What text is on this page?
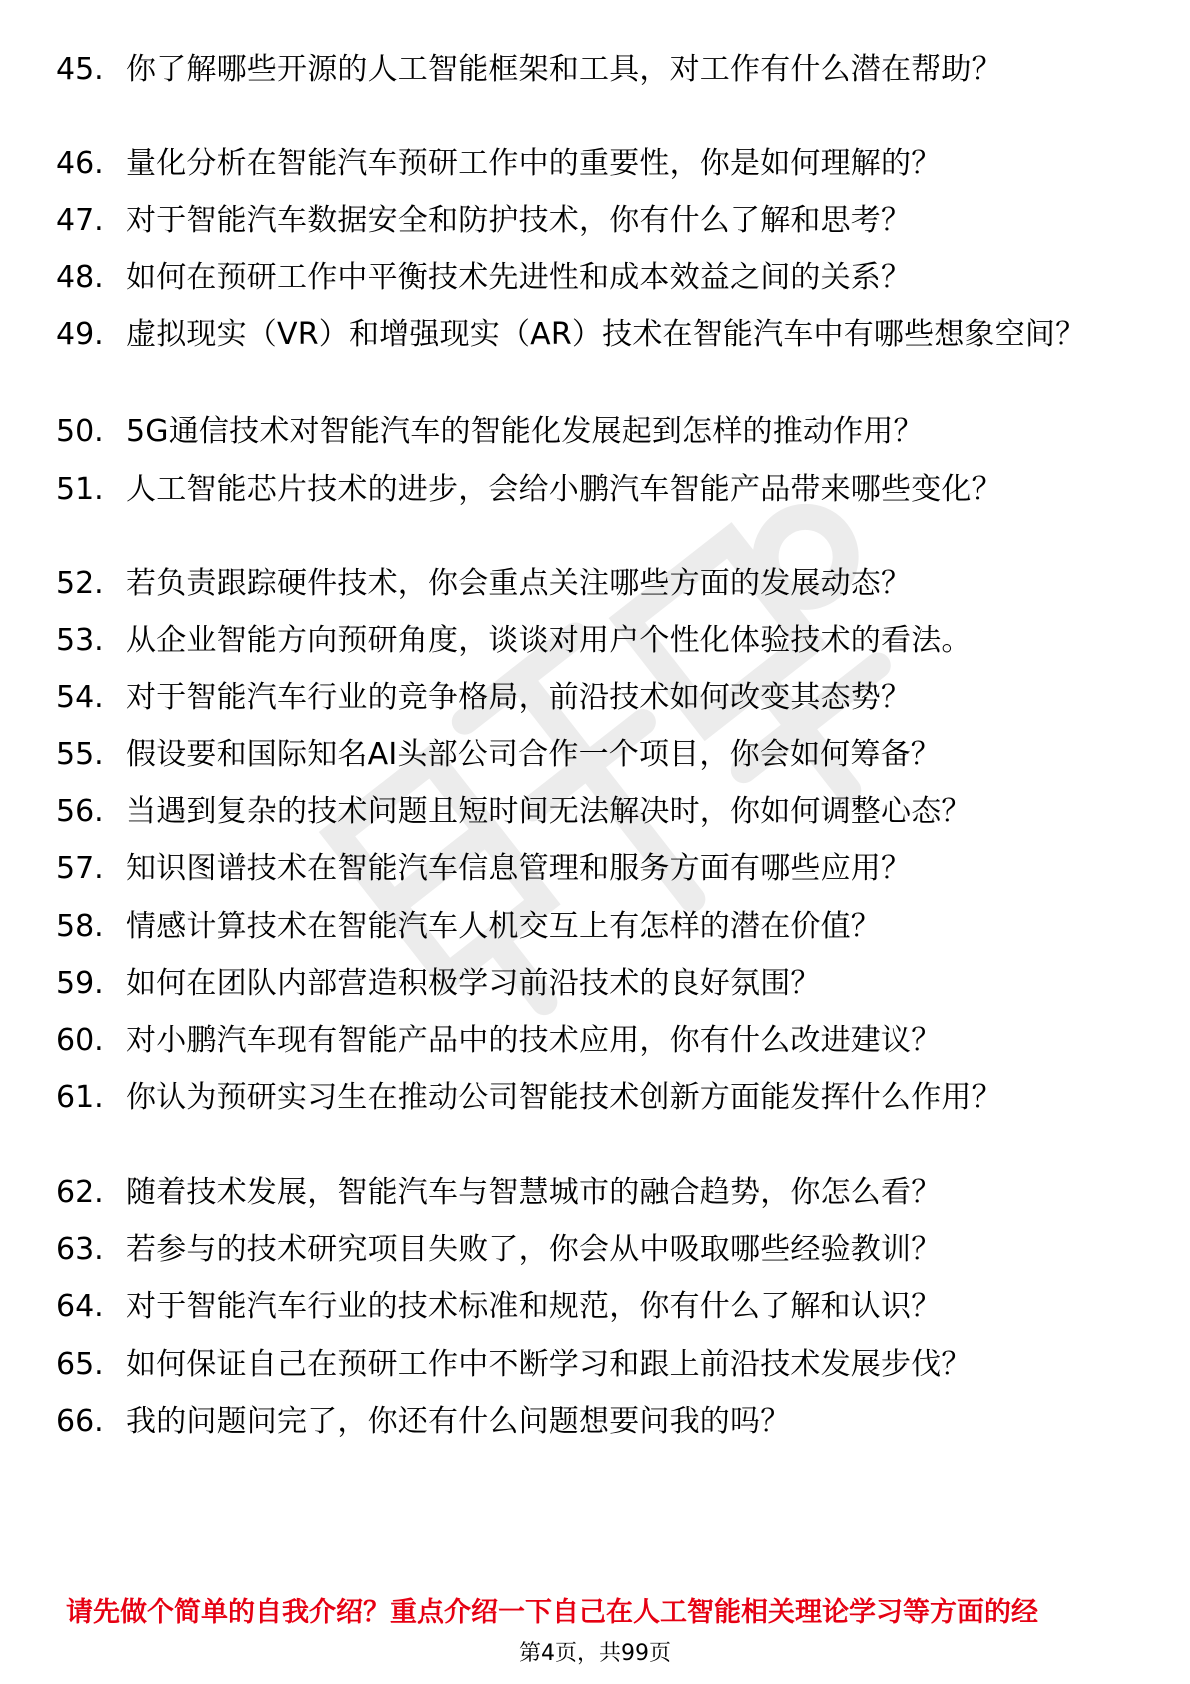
45. 你了解哪些开源的人工智能框架和工具，对工作有什么潜在帮助？
46. 量化分析在智能汽车预研工作中的重要性，你是如何理解的？
47. 对于智能汽车数据安全和防护技术，你有什么了解和思考？
48. 如何在预研工作中平衡技术先进性和成本效益之间的关系？
49. 虚拟现实（VR）和增强现实（AR）技术在智能汽车中有哪些想象空间？
50. 5G通信技术对智能汽车的智能化发展起到怎样的推动作用？
51. 人工智能芯片技术的进步，会给小鹏汽车智能产品带来哪些变化？
52. 若负责跟踪硬件技术，你会重点关注哪些方面的发展动态？
53. 从企业智能方向预研角度，谈谈对用户个性化体验技术的看法。
54. 对于智能汽车行业的竞争格局，前沿技术如何改变其态势？
55. 假设要和国际知名AI头部公司合作一个项目，你会如何筹备？
56. 当遇到复杂的技术问题且短时间无法解决时，你如何调整心态？
57. 知识图谱技术在智能汽车信息管理和服务方面有哪些应用？
58. 情感计算技术在智能汽车人机交互上有怎样的潜在价值？
59. 如何在团队内部营造积极学习前沿技术的良好氛围？
60. 对小鹏汽车现有智能产品中的技术应用，你有什么改进建议？
61. 你认为预研实习生在推动公司智能技术创新方面能发挥什么作用？
62. 随着技术发展，智能汽车与智慧城市的融合趋势，你怎么看？
63. 若参与的技术研究项目失败了，你会从中吸取哪些经验教训？
64. 对于智能汽车行业的技术标准和规范，你有什么了解和认识？
65. 如何保证自己在预研工作中不断学习和跟上前沿技术发展步伐？
66. 我的问题问完了，你还有什么问题想要问我的吗？
请先做个简单的自我介绍？重点介绍一下自己在人工智能相关理论学习等方面的经
第4页，共99页
